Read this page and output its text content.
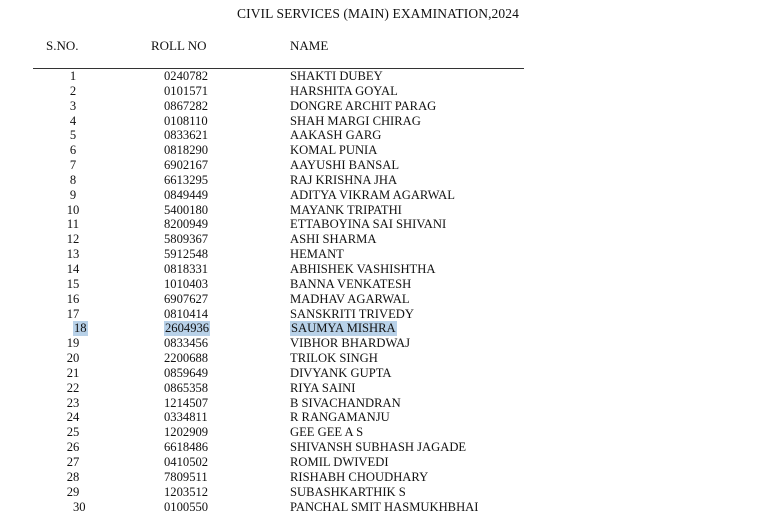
CIVIL SERVICES (MAIN) EXAMINATION,2024
S.NO.	ROLL NO	NAME
1	0240782	SHAKTI DUBEY
2	0101571	HARSHITA GOYAL
3	0867282	DONGRE ARCHIT PARAG
4	0108110	SHAH MARGI CHIRAG
5	0833621	AAKASH GARG
6	0818290	KOMAL PUNIA
7	6902167	AAYUSHI BANSAL
8	6613295	RAJ KRISHNA JHA
9	0849449	ADITYA VIKRAM AGARWAL
10	5400180	MAYANK TRIPATHI
11	8200949	ETTABOYINA SAI SHIVANI
12	5809367	ASHI SHARMA
13	5912548	HEMANT
14	0818331	ABHISHEK VASHISHTHA
15	1010403	BANNA VENKATESH
16	6907627	MADHAV AGARWAL
17	0810414	SANSKRITI TRIVEDY
18	2604936	SAUMYA MISHRA
19	0833456	VIBHOR BHARDWAJ
20	2200688	TRILOK SINGH
21	0859649	DIVYANK GUPTA
22	0865358	RIYA SAINI
23	1214507	B SIVACHANDRAN
24	0334811	R RANGAMANJU
25	1202909	GEE GEE A S
26	6618486	SHIVANSH SUBHASH JAGADE
27	0410502	ROMIL DWIVEDI
28	7809511	RISHABH CHOUDHARY
29	1203512	SUBASHKARTHIK S
30	0100550	PANCHAL SMIT HASMUKHBHAI
